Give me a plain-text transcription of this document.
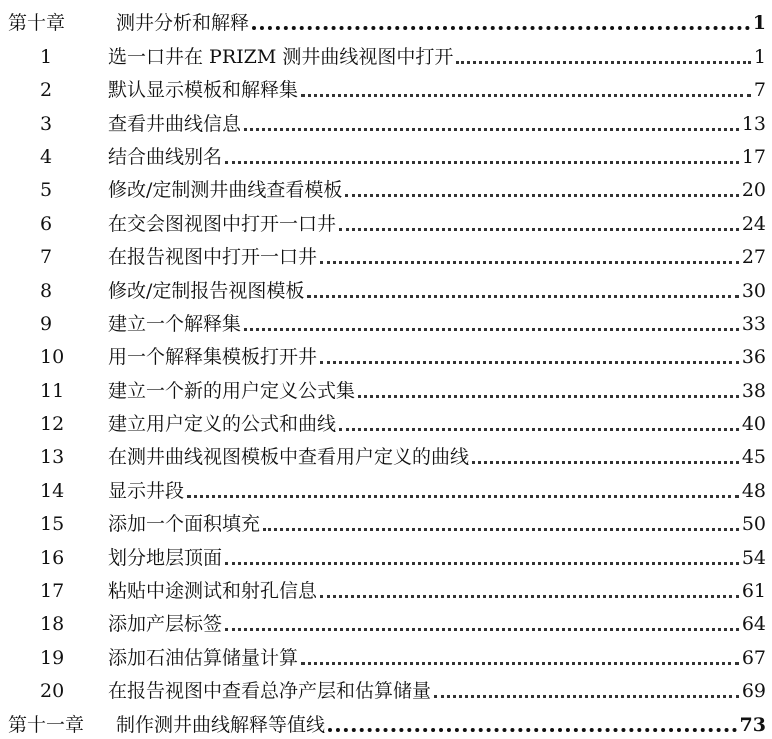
第十章	测井分析和解释	1
1	选一口井在 PRIZM 测井曲线视图中打开	1
2	默认显示模板和解释集	7
3	查看井曲线信息	13
4	结合曲线别名	17
5	修改/定制测井曲线查看模板	20
6	在交会图视图中打开一口井	24
7	在报告视图中打开一口井	27
8	修改/定制报告视图模板	30
9	建立一个解释集	33
10	用一个解释集模板打开井	36
11	建立一个新的用户定义公式集	38
12	建立用户定义的公式和曲线	40
13	在测井曲线视图模板中查看用户定义的曲线	45
14	显示井段	48
15	添加一个面积填充	50
16	划分地层顶面	54
17	粘贴中途测试和射孔信息	61
18	添加产层标签	64
19	添加石油估算储量计算	67
20	在报告视图中查看总净产层和估算储量	69
第十一章	制作测井曲线解释等值线	73
